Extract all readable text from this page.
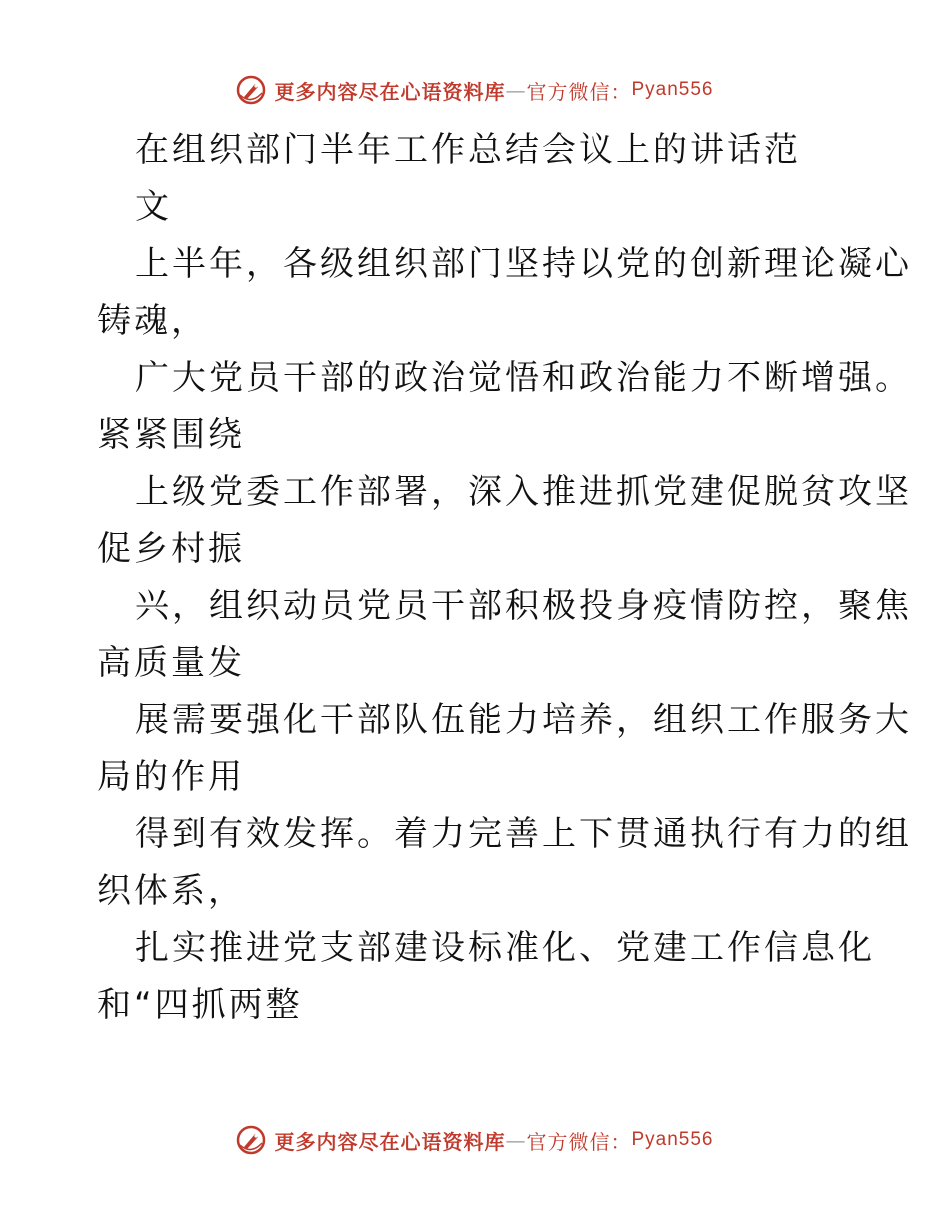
更多内容尽在心语资料库 — 官方微信： Pyan556
在组织部门半年工作总结会议上的讲话范
文
上半年，各级组织部门坚持以党的创新理论凝心
铸魂，
广大党员干部的政治觉悟和政治能力不断增强。
紧紧围绕
上级党委工作部署，深入推进抓党建促脱贫攻坚
促乡村振
兴，组织动员党员干部积极投身疫情防控，聚焦
高质量发
展需要强化干部队伍能力培养，组织工作服务大
局的作用
得到有效发挥。着力完善上下贯通执行有力的组
织体系，
扎实推进党支部建设标准化、党建工作信息化
和“四抓两整
更多内容尽在心语资料库 — 官方微信： Pyan556
